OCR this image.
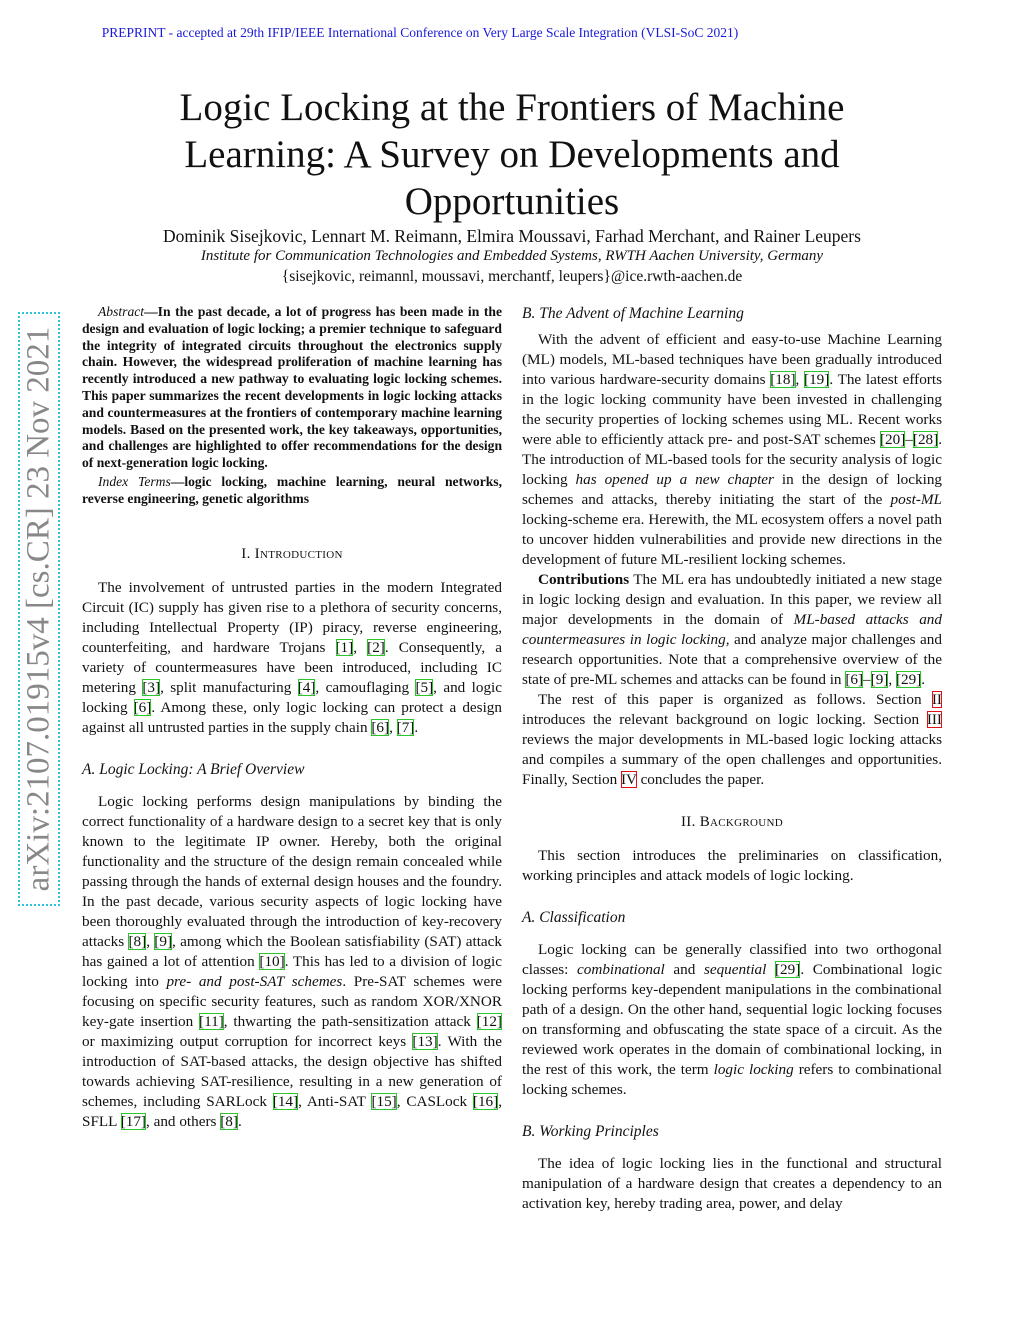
PREPRINT - accepted at 29th IFIP/IEEE International Conference on Very Large Scale Integration (VLSI-SoC 2021)
Logic Locking at the Frontiers of Machine Learning: A Survey on Developments and Opportunities
Dominik Sisejkovic, Lennart M. Reimann, Elmira Moussavi, Farhad Merchant, and Rainer Leupers
Institute for Communication Technologies and Embedded Systems, RWTH Aachen University, Germany
{sisejkovic, reimannl, moussavi, merchantf, leupers}@ice.rwth-aachen.de
arXiv:2107.01915v4 [cs.CR] 23 Nov 2021
Abstract—In the past decade, a lot of progress has been made in the design and evaluation of logic locking; a premier technique to safeguard the integrity of integrated circuits throughout the electronics supply chain. However, the widespread proliferation of machine learning has recently introduced a new pathway to evaluating logic locking schemes. This paper summarizes the recent developments in logic locking attacks and countermeasures at the frontiers of contemporary machine learning models. Based on the presented work, the key takeaways, opportunities, and challenges are highlighted to offer recommendations for the design of next-generation logic locking.
Index Terms—logic locking, machine learning, neural networks, reverse engineering, genetic algorithms
I. Introduction

The involvement of untrusted parties in the modern Integrated Circuit (IC) supply has given rise to a plethora of security concerns, including Intellectual Property (IP) piracy, reverse engineering, counterfeiting, and hardware Trojans [1], [2]. Consequently, a variety of countermeasures have been introduced, including IC metering [3], split manufacturing [4], camouflaging [5], and logic locking [6]. Among these, only logic locking can protect a design against all untrusted parties in the supply chain [6], [7].

A. Logic Locking: A Brief Overview

Logic locking performs design manipulations by binding the correct functionality of a hardware design to a secret key that is only known to the legitimate IP owner. Hereby, both the original functionality and the structure of the design remain concealed while passing through the hands of external design houses and the foundry. In the past decade, various security aspects of logic locking have been thoroughly evaluated through the introduction of key-recovery attacks [8], [9], among which the Boolean satisfiability (SAT) attack has gained a lot of attention [10]. This has led to a division of logic locking into pre- and post-SAT schemes. Pre-SAT schemes were focusing on specific security features, such as random XOR/XNOR key-gate insertion [11], thwarting the path-sensitization attack [12] or maximizing output corruption for incorrect keys [13]. With the introduction of SAT-based attacks, the design objective has shifted towards achieving SAT-resilience, resulting in a new generation of schemes, including SARLock [14], Anti-SAT [15], CASLock [16], SFLL [17], and others [8].

B. The Advent of Machine Learning

With the advent of efficient and easy-to-use Machine Learning (ML) models, ML-based techniques have been gradually introduced into various hardware-security domains [18], [19]. The latest efforts in the logic locking community have been invested in challenging the security properties of locking schemes using ML. Recent works were able to efficiently attack pre- and post-SAT schemes [20]–[28]. The introduction of ML-based tools for the security analysis of logic locking has opened up a new chapter in the design of locking schemes and attacks, thereby initiating the start of the post-ML locking-scheme era. Herewith, the ML ecosystem offers a novel path to uncover hidden vulnerabilities and provide new directions in the development of future ML-resilient locking schemes.

Contributions The ML era has undoubtedly initiated a new stage in logic locking design and evaluation. In this paper, we review all major developments in the domain of ML-based attacks and countermeasures in logic locking, and analyze major challenges and research opportunities. Note that a comprehensive overview of the state of pre-ML schemes and attacks can be found in [6]–[9], [29].

The rest of this paper is organized as follows. Section II introduces the relevant background on logic locking. Section III reviews the major developments in ML-based logic locking attacks and compiles a summary of the open challenges and opportunities. Finally, Section IV concludes the paper.

II. Background

This section introduces the preliminaries on classification, working principles and attack models of logic locking.

A. Classification

Logic locking can be generally classified into two orthogonal classes: combinational and sequential [29]. Combinational logic locking performs key-dependent manipulations in the combinational path of a design. On the other hand, sequential logic locking focuses on transforming and obfuscating the state space of a circuit. As the reviewed work operates in the domain of combinational locking, in the rest of this work, the term logic locking refers to combinational locking schemes.

B. Working Principles

The idea of logic locking lies in the functional and structural manipulation of a hardware design that creates a dependency to an activation key, hereby trading area, power, and delay
